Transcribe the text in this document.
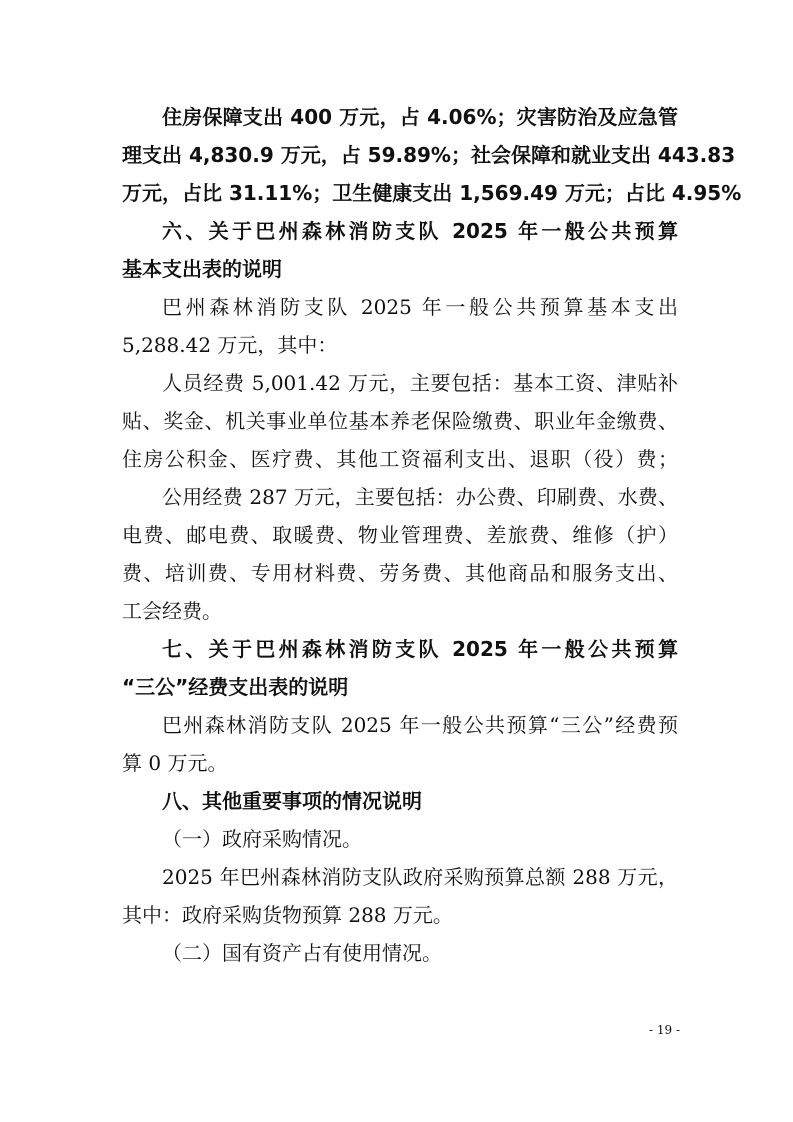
住房保障支出 400 万元，占 4.06%；灾害防治及应急管
理支出 4,830.9 万元，占 59.89%；社会保障和就业支出 443.83
万元，占比 31.11%；卫生健康支出 1,569.49 万元；占比 4.95%
六、关于巴州森林消防支队 2025 年一般公共预算
基本支出表的说明
巴州森林消防支队 2025 年一般公共预算基本支出
5,288.42 万元，其中：
人员经费 5,001.42 万元，主要包括：基本工资、津贴补
贴、奖金、机关事业单位基本养老保险缴费、职业年金缴费、
住房公积金、医疗费、其他工资福利支出、退职（役）费；
公用经费 287 万元，主要包括：办公费、印刷费、水费、
电费、邮电费、取暖费、物业管理费、差旅费、维修（护）
费、培训费、专用材料费、劳务费、其他商品和服务支出、
工会经费。
七、关于巴州森林消防支队 2025 年一般公共预算
“三公”经费支出表的说明
巴州森林消防支队 2025 年一般公共预算“三公”经费预
算 0 万元。
八、其他重要事项的情况说明
（一）政府采购情况。
2025 年巴州森林消防支队政府采购预算总额 288 万元，
其中：政府采购货物预算 288 万元。
（二）国有资产占有使用情况。
- 19 -
